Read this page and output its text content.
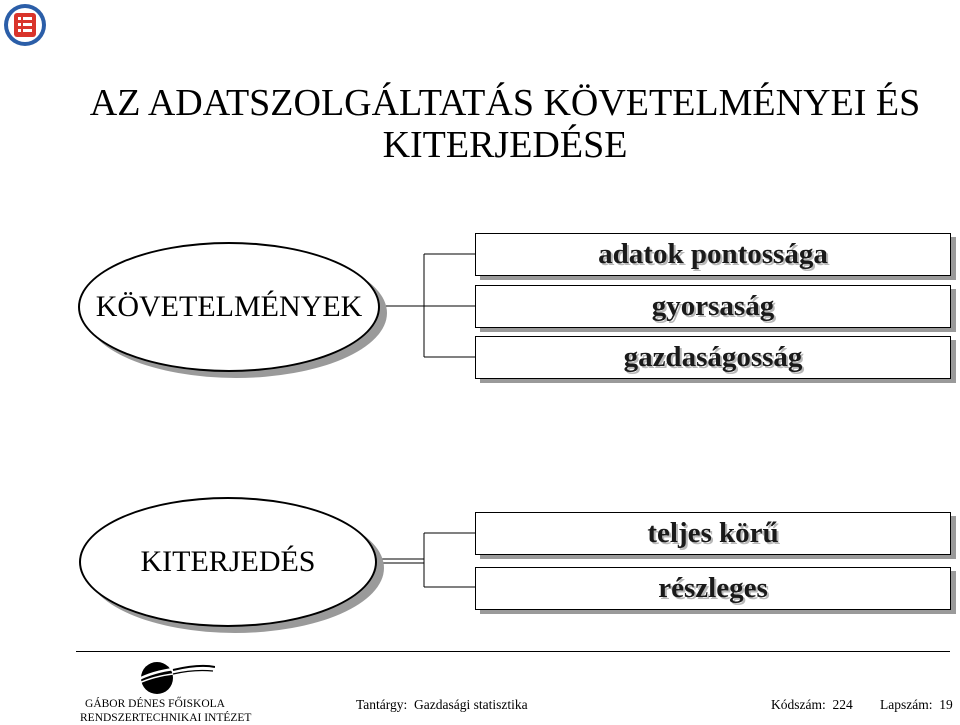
AZ ADATSZOLGÁLTATÁS KÖVETELMÉNYEI ÉS
KITERJEDÉSE
KÖVETELMÉNYEK
adatok pontossága
gyorsaság
gazdaságosság
KITERJEDÉS
teljes körű
részleges
GÁBOR DÉNES FŐISKOLA
RENDSZERTECHNIKAI INTÉZET
Tantárgy: Gazdasági statisztika	Kódszám: 224 Lapszám: 19
